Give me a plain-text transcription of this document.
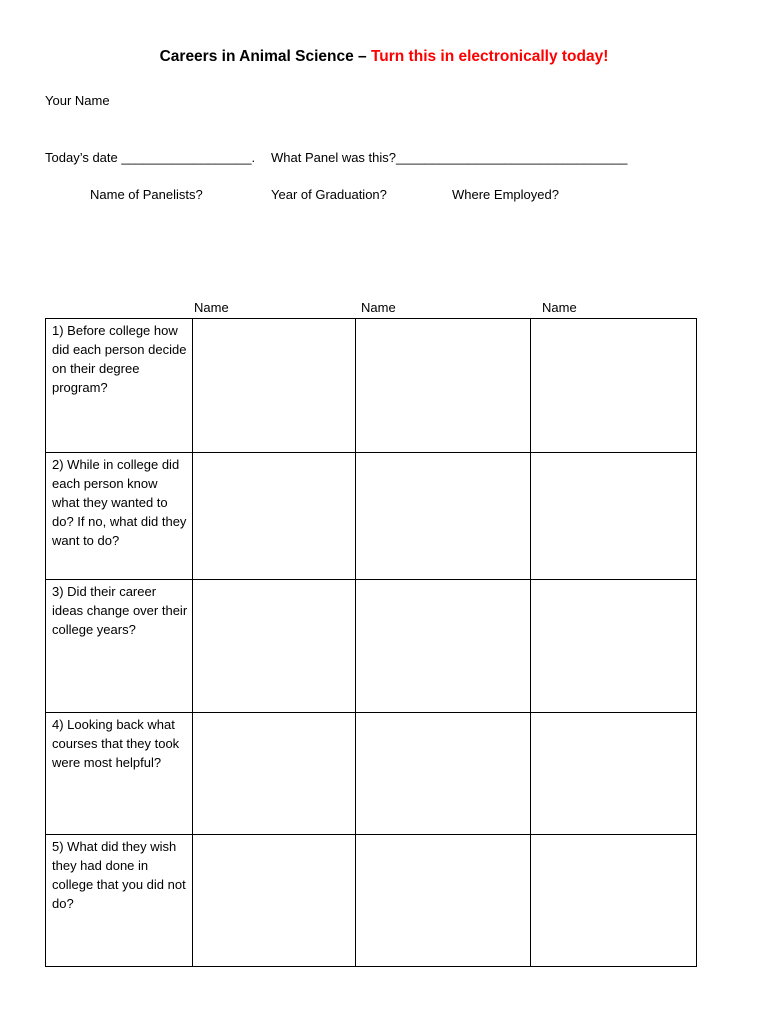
Careers in Animal Science – Turn this in electronically today!
Your Name
Today’s date __________________. What Panel was this?________________________________
Name of Panelists?	Year of Graduation?	Where Employed?
Name	Name	Name
1) Before college how did each person decide on their degree program?			
2) While in college did each person know what they wanted to do? If no, what did they want to do?			
3) Did their career ideas change over their college years?			
4) Looking back what courses that they took were most helpful?			
5) What did they wish they had done in college that you did not do?			
